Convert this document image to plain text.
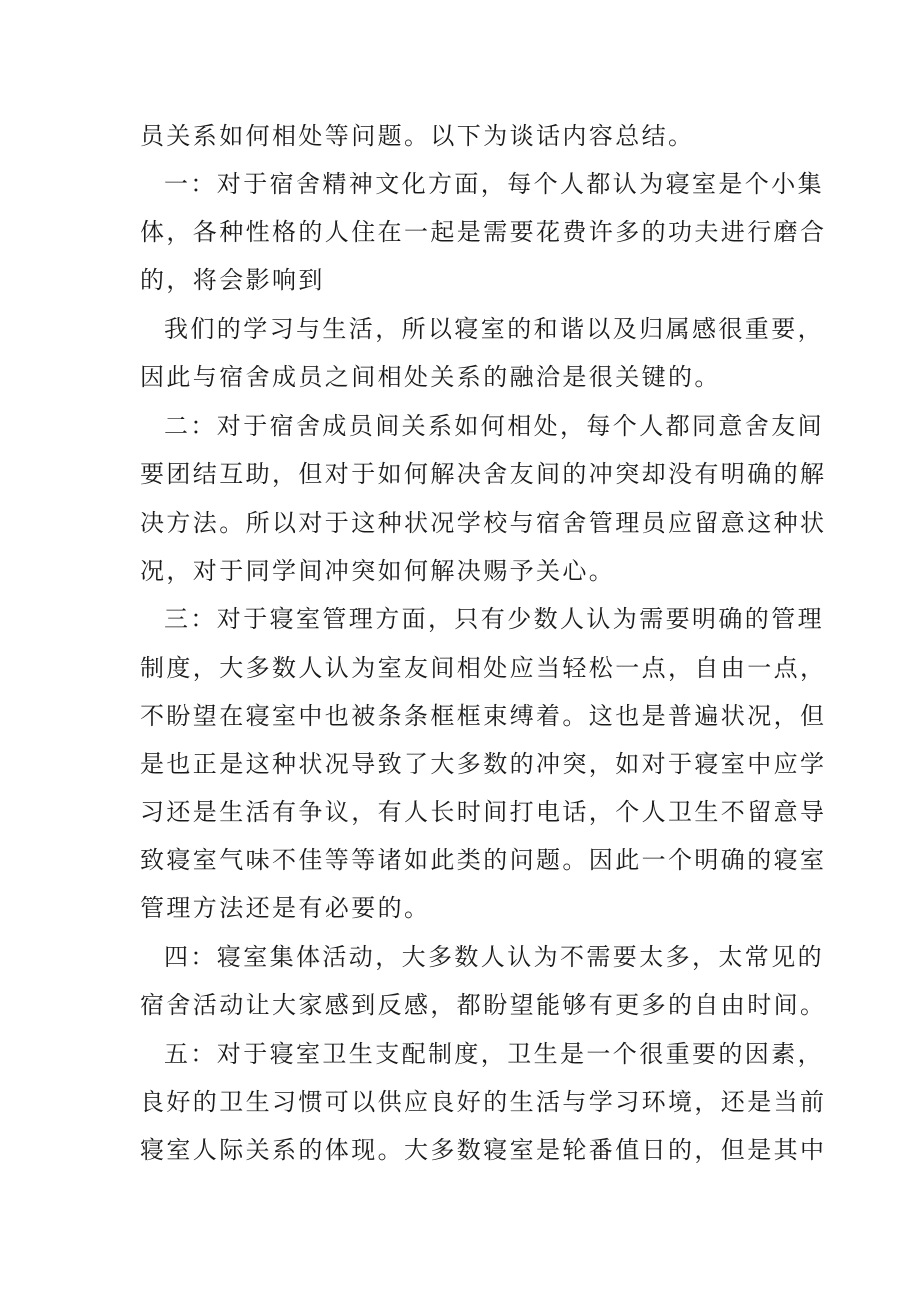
员关系如何相处等问题。以下为谈话内容总结。
一：对于宿舍精神文化方面，每个人都认为寝室是个小集
体，各种性格的人住在一起是需要花费许多的功夫进行磨合
的，将会影响到
我们的学习与生活，所以寝室的和谐以及归属感很重要，
因此与宿舍成员之间相处关系的融洽是很关键的。
二：对于宿舍成员间关系如何相处，每个人都同意舍友间
要团结互助，但对于如何解决舍友间的冲突却没有明确的解
决方法。所以对于这种状况学校与宿舍管理员应留意这种状
况，对于同学间冲突如何解决赐予关心。
三：对于寝室管理方面，只有少数人认为需要明确的管理
制度，大多数人认为室友间相处应当轻松一点，自由一点，
不盼望在寝室中也被条条框框束缚着。这也是普遍状况，但
是也正是这种状况导致了大多数的冲突，如对于寝室中应学
习还是生活有争议，有人长时间打电话，个人卫生不留意导
致寝室气味不佳等等诸如此类的问题。因此一个明确的寝室
管理方法还是有必要的。
四：寝室集体活动，大多数人认为不需要太多，太常见的
宿舍活动让大家感到反感，都盼望能够有更多的自由时间。
五：对于寝室卫生支配制度，卫生是一个很重要的因素，
良好的卫生习惯可以供应良好的生活与学习环境，还是当前
寝室人际关系的体现。大多数寝室是轮番值日的，但是其中
